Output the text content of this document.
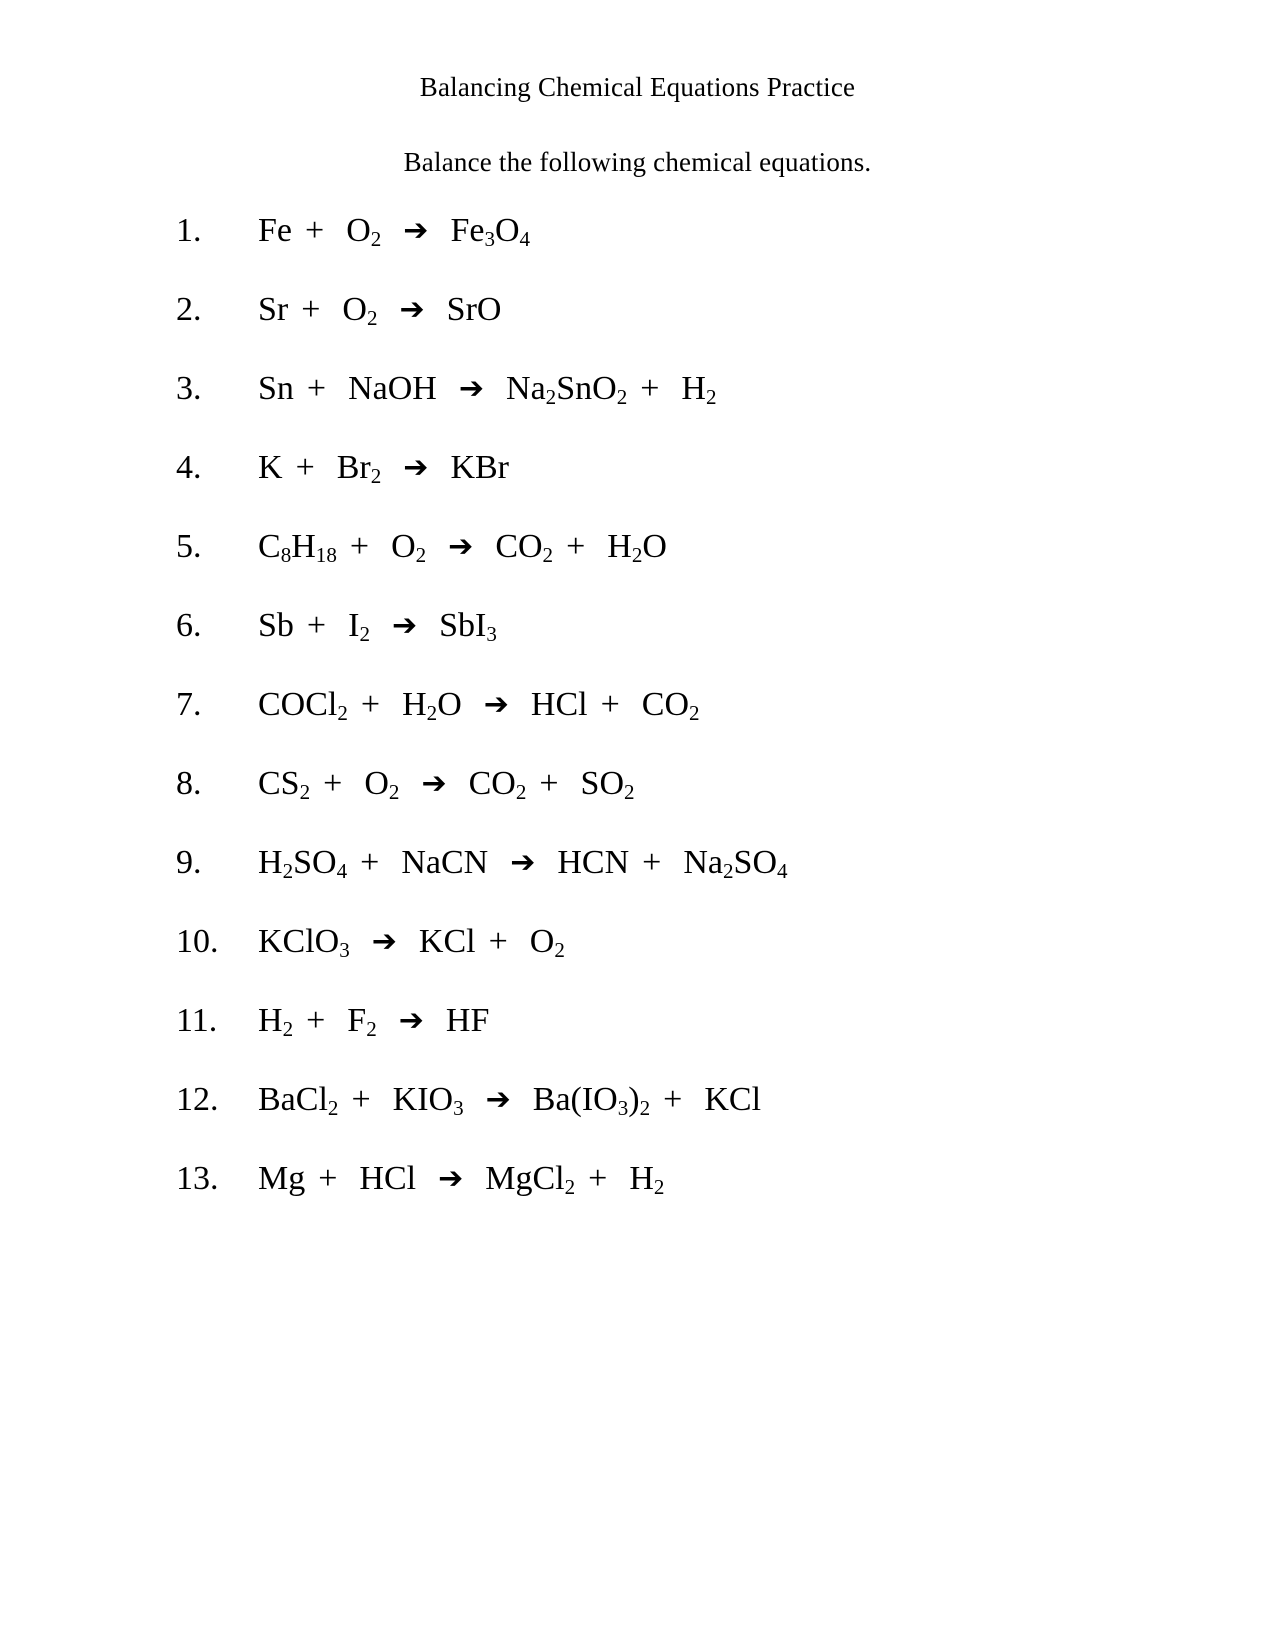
Balancing Chemical Equations Practice
Balance the following chemical equations.
1.	$Fe + O_2$ ➔ $Fe_3O_4$
2.	$Sr + O_2$ ➔ SrO
3.	Sn + NaOH ➔ $Na_2SnO_2 + H_2$
4.	$K + Br_2$ ➔ KBr
5.	$C_8H_{18} + O_2$ ➔ $CO_2 + H_2O$
6.	$Sb + I_2$ ➔ SbI$_3$
7.	COCl$_2$ + $H_2O$ ➔ HCl + $CO_2$
8.	$CS_2 + O_2$ ➔ $CO_2 + SO_2$
9.	$H_2SO_4$ + NaCN ➔ HCN + $Na_2SO_4$
10.	KClO$_3$ ➔ KCl + $O_2$
11.	$H_2 + F_2$ ➔ HF
12.	BaCl$_2$ + $KIO_3$ ➔ $Ba(IO_3)_2$ + KCl
13.	Mg + HCl ➔ MgCl$_2$ + $H_2$
